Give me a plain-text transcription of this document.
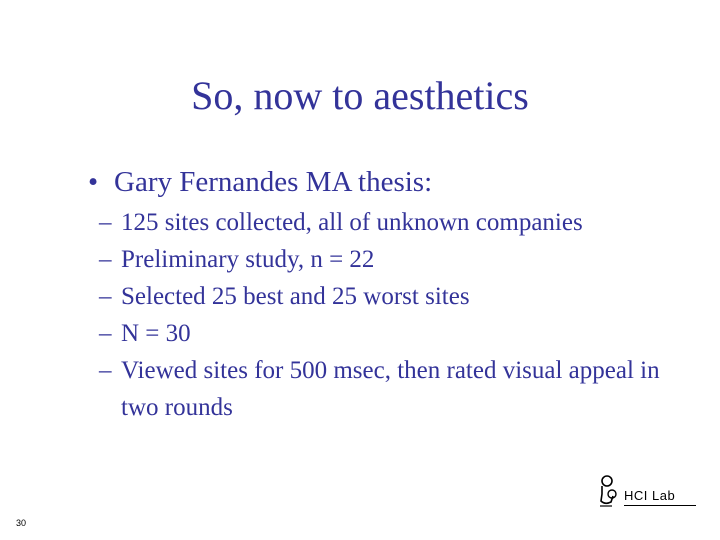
So, now to aesthetics
• Gary Fernandes MA thesis:
– 125 sites collected, all of unknown companies
– Preliminary study, n = 22
– Selected 25 best and 25 worst sites
– N = 30
– Viewed sites for 500 msec, then rated visual appeal in two rounds
30
HCI Lab
